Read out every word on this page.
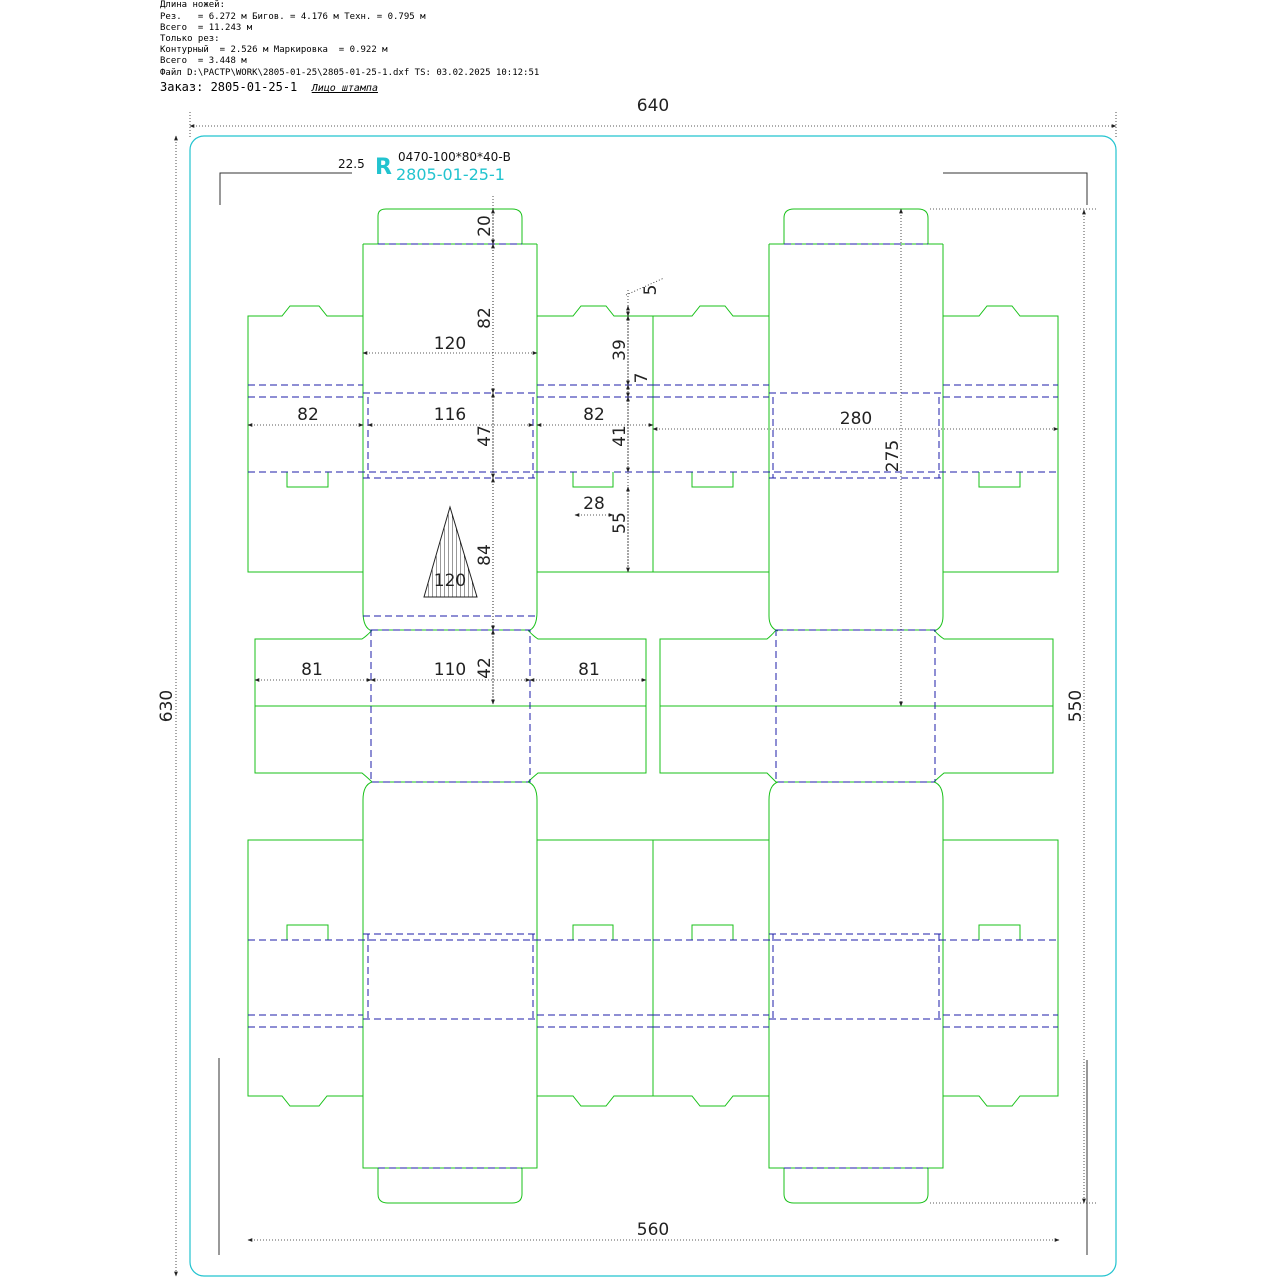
Длина ножей:
Рез.   = 6.272 м Бигов. = 4.176 м Техн. = 0.795 м
Всего  = 11.243 м
Только рез:
Контурный  = 2.526 м Маркировка  = 0.922 м
Всего  = 3.448 м
Файл D:\РАСТР\WORK\2805-01-25\2805-01-25-1.dxf TS: 03.02.2025 10:12:51
Заказ: 2805-01-25-1 Лицо штампа
640
630
560
550
20
82
120
82	116	82
47
280
275
5
39
7
41
28
55
84
120
81	110	81
42
22.5 R 0470-100*80*40-В
2805-01-25-1
